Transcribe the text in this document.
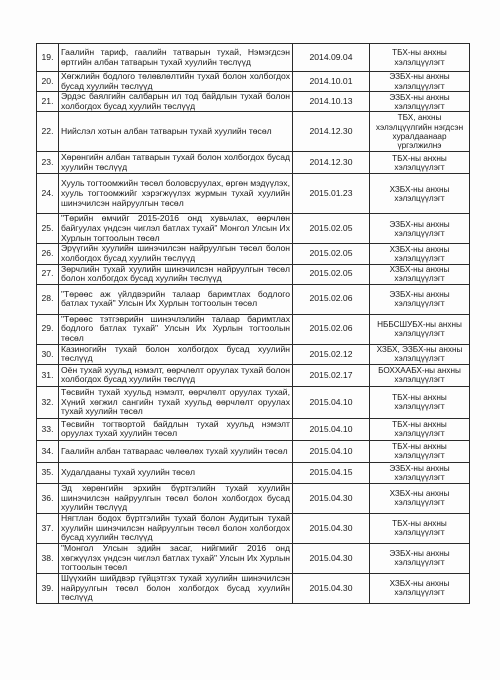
19.	Гаалийн тариф, гаалийн татварын тухай, Нэмэгдсэн өртгийн албан татварын тухай хуулийн төслүүд	2014.09.04	ТБХ-ны анхны хэлэлцүүлэгт
20.	Хөгжлийн бодлого төлөвлөлтийн тухай болон холбогдох бусад хуулийн төслүүд	2014.10.01	ЭЗБХ-ны анхны хэлэлцүүлэгт
21.	Эрдэс баялгийн салбарын ил тод байдлын тухай болон холбогдох бусад хуулийн төслүүд	2014.10.13	ЭЗБХ-ны анхны хэлэлцүүлэгт
22.	Нийслэл хотын албан татварын тухай хуулийн төсөл	2014.12.30	ТБХ, анхны хэлэлцүүлгийн нэгдсэн хуралдаанаар үргэлжилнэ
23.	Хөрөнгийн албан татварын тухай болон холбогдох бусад хуулийн төслүүд	2014.12.30	ТБХ-ны анхны хэлэлцүүлэгт
24.	Хууль тогтоомжийн төсөл боловсруулах, өргөн мэдүүлэх, хууль тогтоомжийг хэрэгжүүлэх журмын тухай хуулийн шинэчилсэн найруулгын төсөл	2015.01.23	ХЗБХ-ны анхны хэлэлцүүлэгт
25.	"Төрийн өмчийг 2015-2016 онд хувьчлах, өөрчлөн байгуулах үндсэн чиглэл батлах тухай" Монгол Улсын Их Хурлын тогтоолын төсөл	2015.02.05	ЭЗБХ-ны анхны хэлэлцүүлэгт
26.	Эрүүгийн хуулийн шинэчилсэн найруулгын төсөл болон холбогдох бусад хуулийн төслүүд	2015.02.05	ХЗБХ-ны анхны хэлэлцүүлэгт
27.	Зөрчлийн тухай хуулийн шинэчилсэн найруулгын төсөл болон холбогдох бусад хуулийн төслүүд	2015.02.05	ХЗБХ-ны анхны хэлэлцүүлэгт
28.	"Төрөөс аж үйлдвэрийн талаар баримтлах бодлого батлах тухай" Улсын Их Хурлын тогтоолын төсөл	2015.02.06	ЭЗБХ-ны анхны хэлэлцүүлэгт
29.	"Төрөөс тэтгэврийн шинэчлэлийн талаар баримтлах бодлого батлах тухай" Улсын Их Хурлын тогтоолын төсөл	2015.02.06	НББСШУБХ-ны анхны хэлэлцүүлэгт
30.	Казиногийн тухай болон холбогдох бусад хуулийн төслүүд	2015.02.12	ХЗБХ, ЭЗБХ-ны анхны хэлэлцүүлэгт
31.	Оён тухай хуульд нэмэлт, өөрчлөлт оруулах тухай болон холбогдох бусад хуулийн төслүүд	2015.02.17	БОХХААБХ-ны анхны хэлэлцүүлэгт
32.	Төсвийн тухай хуульд нэмэлт, өөрчлөлт оруулах тухай, Хүний хөгжил сангийн тухай хуульд өөрчлөлт оруулах тухай хуулийн төсөл	2015.04.10	ТБХ-ны анхны хэлэлцүүлэгт
33.	Төсвийн тогтвортой байдлын тухай хуульд нэмэлт оруулах тухай хуулийн төсөл	2015.04.10	ТБХ-ны анхны хэлэлцүүлэгт
34.	Гаалийн албан татвараас чөлөөлөх тухай хуулийн төсөл	2015.04.10	ТБХ-ны анхны хэлэлцүүлэгт
35.	Худалдааны тухай хуулийн төсөл	2015.04.15	ЭЗБХ-ны анхны хэлэлцүүлэгт
36.	Эд хөрөнгийн эрхийн бүртгэлийн тухай хуулийн шинэчилсэн найруулгын төсөл болон холбогдох бусад хуулийн төслүүд	2015.04.30	ХЗБХ-ны анхны хэлэлцүүлэгт
37.	Нягтлан бодох бүртгэлийн тухай болон Аудитын тухай хуулийн шинэчилсэн найруулгын төсөл болон холбогдох бусад хуулийн төслүүд	2015.04.30	ТБХ-ны анхны хэлэлцүүлэгт
38.	"Монгол Улсын эдийн засаг, нийгмийг 2016 онд хөгжүүлэх үндсэн чиглэл батлах тухай" Улсын Их Хурлын тогтоолын төсөл	2015.04.30	ЭЗБХ-ны анхны хэлэлцүүлэгт
39.	Шүүхийн шийдвэр гүйцэтгэх тухай хуулийн шинэчилсэн найруулгын төсөл болон холбогдох бусад хуулийн төслүүд	2015.04.30	ХЗБХ-ны анхны хэлэлцүүлэгт
